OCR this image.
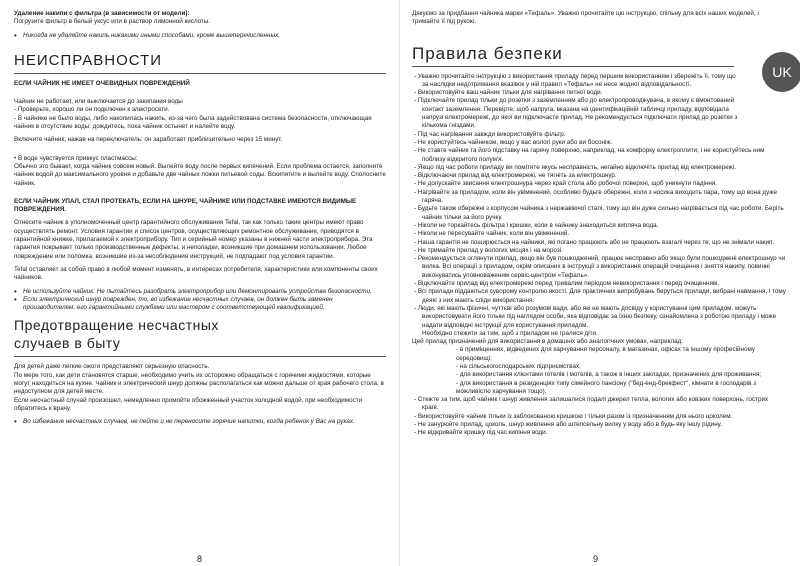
Удаление накипи с фильтра (в зависимости от модели):

Погрузите фильтр в белый уксус или в раствор лимонной кислоты.

• Никогда не удаляйте накипь никакими иными способами, кроме вышеперечисленных.
НЕИСПРАВНОСТИ

ЕСЛИ ЧАЙНИК НЕ ИМЕЕТ ОЧЕВИДНЫХ ПОВРЕЖДЕНИЙ

Чайник не работает, или выключается до закипания воды

- Проверьте, хорошо ли он подключен к электросети.

- В чайнике не было воды, либо накопилась накипь, из-за чего была задействована система безопасности, отключающая чайник в отсутствие воды: дождитесь, пока чайник остынет и налейте воду.

Включите чайник, нажав на переключатель: он заработает приблизительно через 15 минут.

• В воде чувствуется привкус пластмассы:

Обычно это бывает, когда чайник совсем новый. Вылейте воду после первых кипячений. Если проблема остается, заполните чайник водой до максимального уровня и добавьте две чайных ложки питьевой соды. Вскипятите и вылейте воду. Сполосните чайник.

ЕСЛИ ЧАЙНИК УПАЛ, СТАЛ ПРОТЕКАТЬ, ЕСЛИ НА ШНУРЕ, ЧАЙНИКЕ ИЛИ ПОДСТАВКЕ ИМЕЮТСЯ ВИДИМЫЕ ПОВРЕЖДЕНИЯ.

Отнесите чайник в уполномоченный центр гарантийного обслуживания Tefal, так как только такие центры имеют право осуществлять ремонт. Условия гарантии и список центров, осуществляющих ремонтное обслуживание, приводятся в гарантийной книжке, прилагаемой к электроприбору. Тип и серийный номер указаны в нижней части электроприбора. Эта гарантия покрывает только производственные дефекты, и неполадки, возникшие при домашнем использовании. Любое повреждение или поломка, возникшие из-за несоблюдения инструкций, не подпадают под условия гарантии.

Tefal оставляет за собой право в любой момент изменять, в интересах потребителя, характеристики или компоненты своих чайников.

• Не используйте чайник. Не пытайтесь разобрать электроприбор или демонтировать устройства безопасности.
• Если электрический шнур поврежден, то, во избежание несчастных случаев, он должен быть заменен производителем, его гарантийными службами или мастером с соответствующей квалификацией.
Предотвращение несчастных
случаев в быту

Для детей даже легкие ожоги представляют серьезную опасность.

По мере того, как дети становятся старше, необходимо учить их осторожно обращаться с горячими жидкостями, которые могут находиться на кухне. Чайник и электрический шнур должны располагаться как можно дальше от края рабочего стола, в недоступном для детей месте.

Если несчастный случай произошел, немедленно промойте обожженный участок холодной водой, при необходимости обратитесь к врачу.

• Во избежание несчастных случаев, не пейте и не переносите горячие напитки, когда ребенок у Вас на руках.
8
UK

Дякуємо за придбання чайника марки «Тефаль». Уважно прочитайте цю інструкцію, спільну для всіх наших моделей, і тримайте її під рукою.

Правила безпеки

- Уважно прочитайте інструкцію з використання приладу перед першим використанням і збережіть її, тому що за наслідки недотримання вказівок у ній правил «Тефаль» не несе жодної відповідальності.

- Використовуйте ваш чайник тільки для нагрівання питної води.

- Підключайте прилад тільки до розетки з заземленням або до електропроводжувача, в якому є вмонтований контакт заземлення. Перевірте, щоб напруга, вказана на ідентифікаційній табличці приладу, відповідала напрузі електромережі, до якої ви підключаєте прилад. Не рекомендується підключати прилад до розетки з кількома гніздами.

- Під час нагрівання завжди використовуйте фільтр.

- Не користуйтесь чайником, якщо у вас вологі руки або ви босоніж.

- Не ставте чайник та його підставку на гарячу поверхню, наприклад, на комфорку електроплити, і не користуйтесь ним поблизу відкритого полум'я.

- Якщо під час роботи приладу ви помітите якусь несправність, негайно відключіть прилад від електромережі.

- Відключаючи прилад від електромережі, не тягніть за електрошнур.

- Не допускайте звисання електрошнура через край стола або робочої поверхні, щоб уникнути падіння.

- Нагрівайте за приладом, коли він увімкнений, особливо будьте обережні, коли з носика виходить пара, тому що вона дуже гаряча.

- Будьте також обережні з корпусом чайника з нержавіючої сталі, тому що він дуже сильно нагрівається під час роботи. Беріть чайник тільки за його ручку.

- Ніколи не торкайтесь фільтра і кришки, коли в чайнику знаходиться кипляча вода.

- Ніколи не пересувайте чайник, коли він увімкнений.

- Наша гарантія не поширюється на чайники, які погано працюють або не працюють взагалі через те, що не знімали накип.

- Не тримайте прилад у вологих місцях і на морозі.

- Рекомендується оглянути прилад, якщо він був пошкоджений, працює несправно або якщо були пошкоджені електрошнур чи вилка. Всі операції з приладом, окрім описаних в інструкції з використання операцій очищення і зняття накипу, повинні виконуватись уповноваженим сервіс-центром «Тефаль».

- Відключайте прилад від електромережі перед тривалим періодом невикористання і перед очищенням.

- Всі прилади піддаються суворому контролю якості. Для практичних випробувань беруться прилади, вибрані навмання, і тому деякі з них мають сліди використання.

- Люди, які мають фізичні, чуттєві або розумові вади, або які не мають досвіду у користуванні цим приладом, можуть використовувати його тільки під наглядом особи, яка відповідає за їхню безпеку, ознайомлена з роботою приладу і може надати відповідні інструкції для користування приладом.

Необхідно стежити за тим, щоб з приладом не гралися діти.

Цей прилад призначений для використання в домашніх або аналогічних умовах, наприклад:

- в приміщеннях, відведених для харчування персоналу, в магазинах, офісах та іншому професійному середовищі;

- на сільськогосподарських підприємствах;

- для використання клієнтами готелів і мотелів, а також в інших закладах, призначених для проживання;

- для використання в резиденціях типу сімейного пансіону ("бед-енд-брекфест", кімнати в господарів з можливістю харчування тощо).

- Стежте за тим, щоб чайник і шнур живлення залишалися подалі джерел тепла, вологих або ковзких поверхонь, гострих країв.

- Використовуйте чайник тільки із заблокованою кришкою і тільки разом із призначенням для нього цоколем.

- Не занурюйте прилад, цоколь, шнур живлення або штепсельну вилку у воду або в будь-яку іншу рідину.

- Не відкривайте кришку під час кипіння води.

9
